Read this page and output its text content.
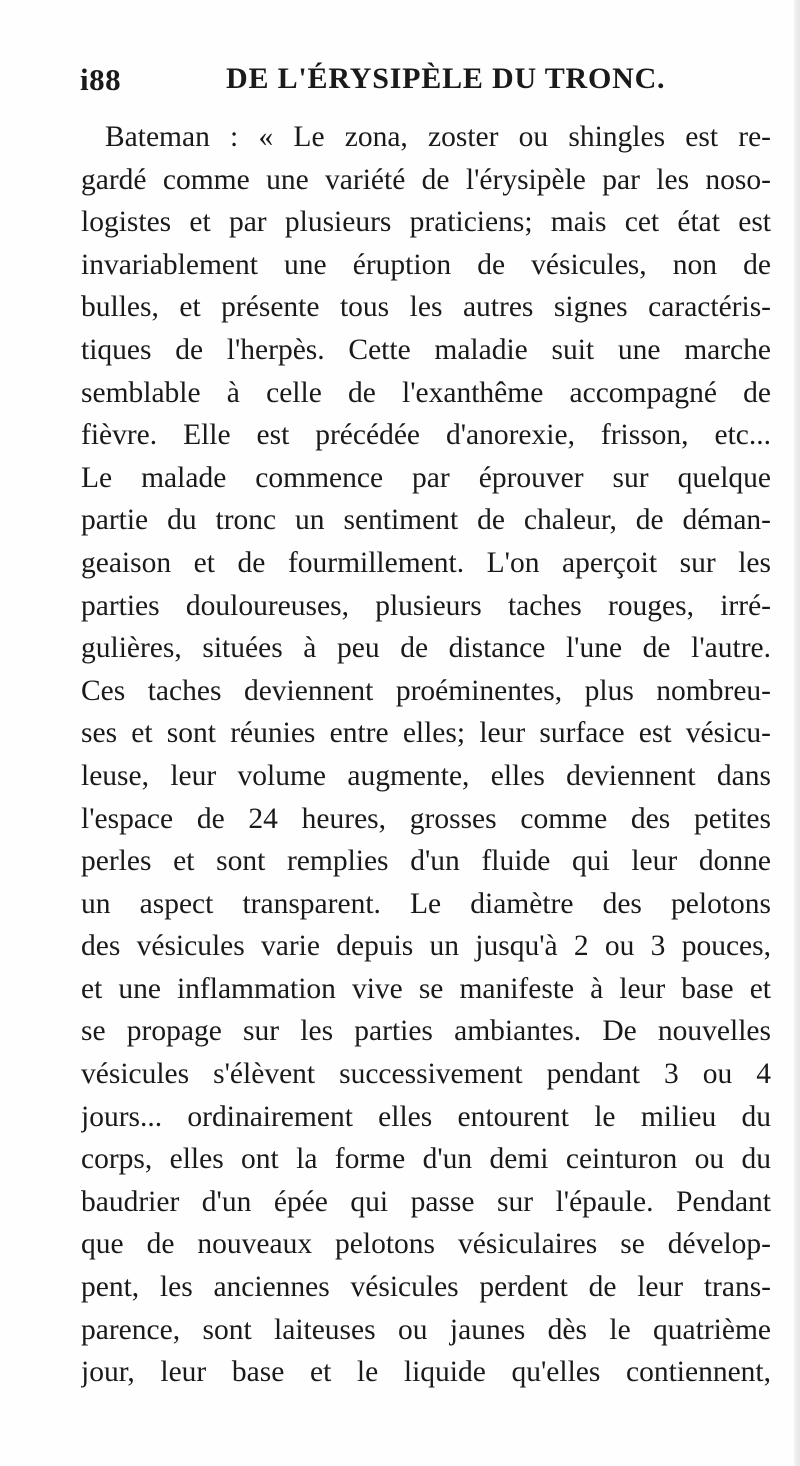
i88	DE L'ÉRYSIPÈLE DU TRONC.
Bateman : « Le zona, zoster ou shingles est re-
gardé comme une variété de l'érysipèle par les noso-
logistes et par plusieurs praticiens; mais cet état est
invariablement une éruption de vésicules, non de
bulles, et présente tous les autres signes caractéris-
tiques de l'herpès. Cette maladie suit une marche
semblable à celle de l'exanthême accompagné de
fièvre. Elle est précédée d'anorexie, frisson, etc...
Le malade commence par éprouver sur quelque
partie du tronc un sentiment de chaleur, de déman-
geaison et de fourmillement. L'on aperçoit sur les
parties douloureuses, plusieurs taches rouges, irré-
gulières, situées à peu de distance l'une de l'autre.
Ces taches deviennent proéminentes, plus nombreu-
ses et sont réunies entre elles; leur surface est vésicu-
leuse, leur volume augmente, elles deviennent dans
l'espace de 24 heures, grosses comme des petites
perles et sont remplies d'un fluide qui leur donne
un aspect transparent. Le diamètre des pelotons
des vésicules varie depuis un jusqu'à 2 ou 3 pouces,
et une inflammation vive se manifeste à leur base et
se propage sur les parties ambiantes. De nouvelles
vésicules s'élèvent successivement pendant 3 ou 4
jours... ordinairement elles entourent le milieu du
corps, elles ont la forme d'un demi ceinturon ou du
baudrier d'un épée qui passe sur l'épaule. Pendant
que de nouveaux pelotons vésiculaires se dévelop-
pent, les anciennes vésicules perdent de leur trans-
parence, sont laiteuses ou jaunes dès le quatrième
jour, leur base et le liquide qu'elles contiennent,
